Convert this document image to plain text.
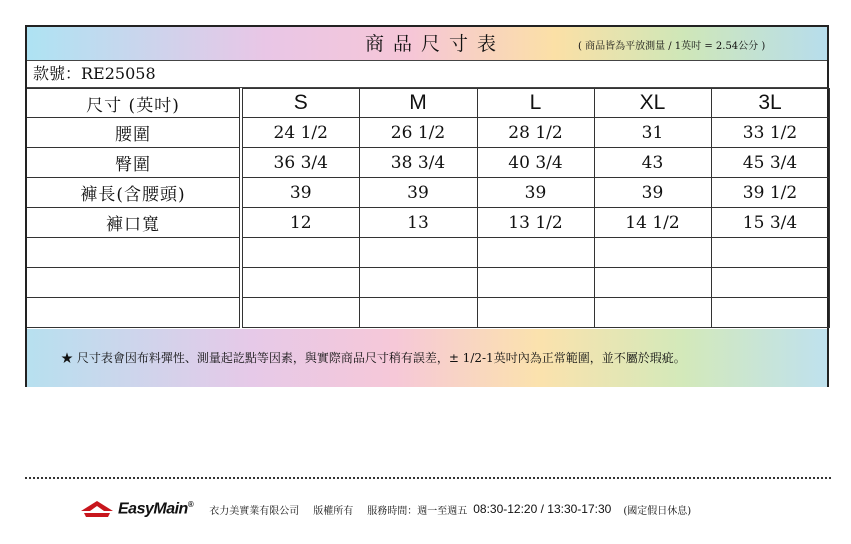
商品尺寸表	( 商品皆為平放測量 / 1英吋 = 2.54公分 )
款號：RE25058
尺寸 (英吋)	S	M	L	XL	3L
腰圍	24 1/2	26 1/2	28 1/2	31	33 1/2
臀圍	36 3/4	38 3/4	40 3/4	43	45 3/4
褲長(含腰頭)	39	39	39	39	39 1/2
褲口寬	12	13	13 1/2	14 1/2	15 3/4

★ 尺寸表會因布料彈性、測量起訖點等因素，與實際商品尺寸稍有誤差，± 1/2-1英吋內為正常範圍，並不屬於瑕疵。
EasyMain®
衣力美實業有限公司 版權所有 服務時間：週一至週五 08:30-12:20 / 13:30-17:30 (國定假日休息)
